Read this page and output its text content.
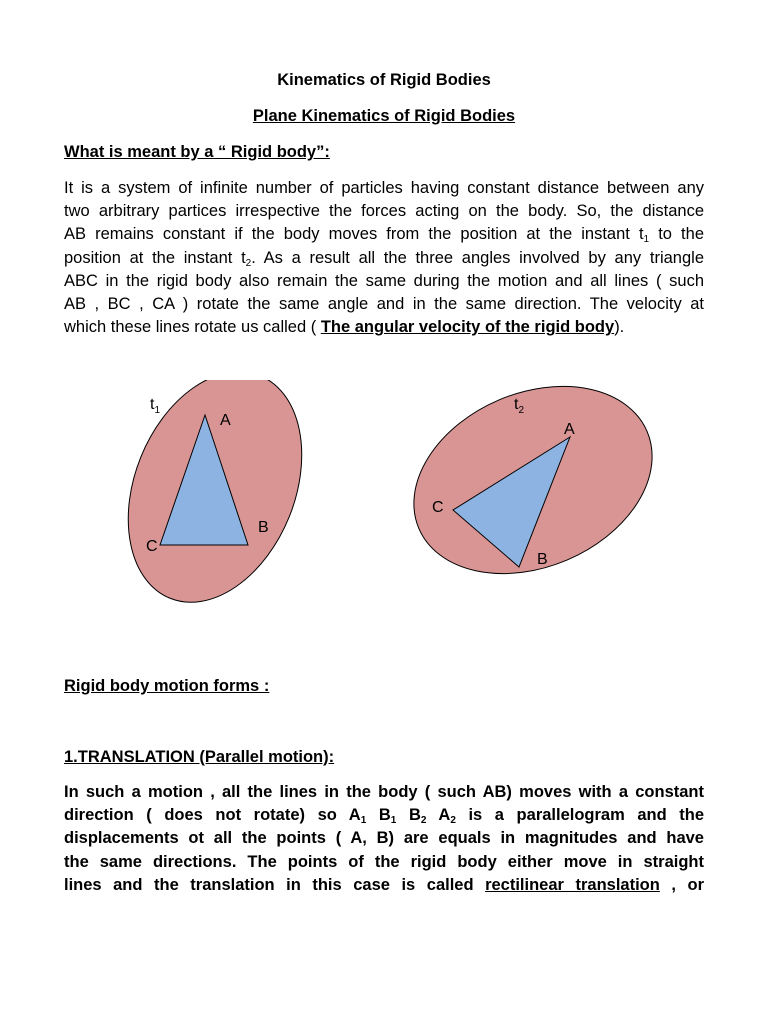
Kinematics of Rigid Bodies
Plane Kinematics of Rigid Bodies
What is meant by a “ Rigid body”:
It is a system of infinite number of particles having constant distance between any
two arbitrary partices irrespective the forces acting on the body. So, the distance
AB remains constant if the body moves from the position at the instant $t_1$ to the
position at the instant $t_2$. As a result all the three angles involved by any triangle
ABC in the rigid body also remain the same during the motion and all lines ( such
AB , BC , CA ) rotate the same angle and in the same direction. The velocity at
which these lines rotate us called ( The angular velocity of the rigid body).
$t_1$
A
B
C
$t_2$
A
B
C
Rigid body motion forms :
1.TRANSLATION (Parallel motion):
In such a motion , all the lines in the body ( such AB) moves with a constant
direction ( does not rotate) so $A_1$ $B_1$ $B_2$ $A_2$ is a parallelogram and the
displacements ot all the points ( A, B) are equals in magnitudes and have
the same directions. The points of the rigid body either move in straight
lines and the translation in this case is called rectilinear translation , or
